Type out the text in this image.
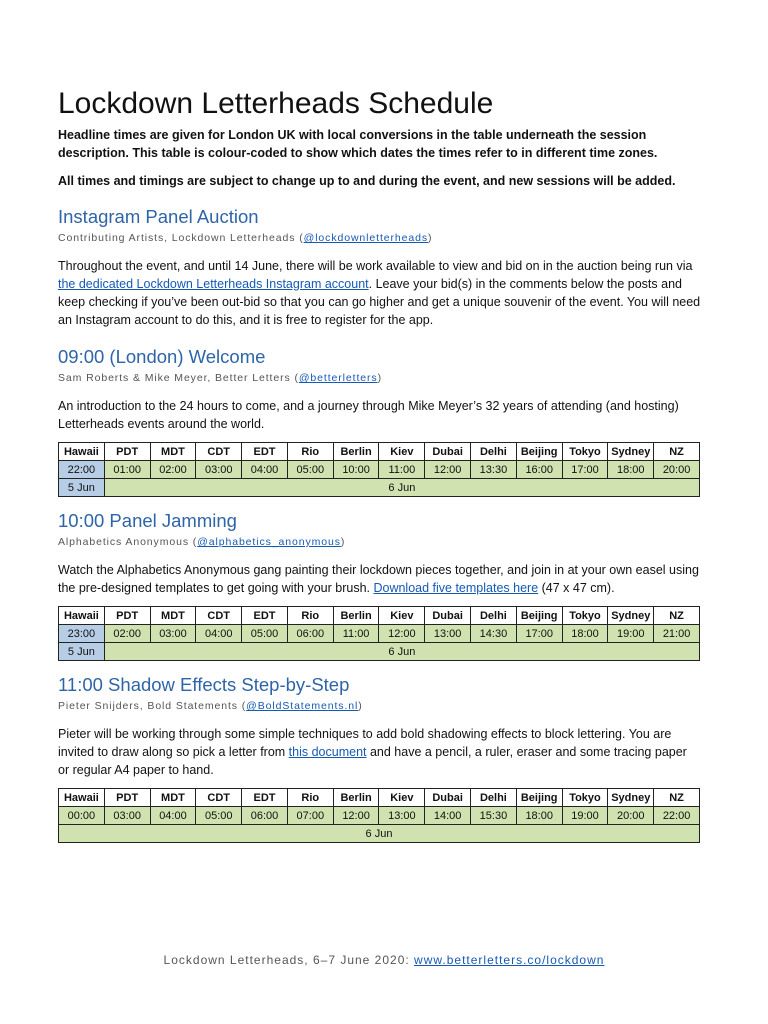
Lockdown Letterheads Schedule

Headline times are given for London UK with local conversions in the table underneath the session description. This table is colour-coded to show which dates the times refer to in different time zones.

All times and timings are subject to change up to and during the event, and new sessions will be added.

Instagram Panel Auction

Contributing Artists, Lockdown Letterheads (@lockdownletterheads)

Throughout the event, and until 14 June, there will be work available to view and bid on in the auction being run via the dedicated Lockdown Letterheads Instagram account. Leave your bid(s) in the comments below the posts and keep checking if you’ve been out-bid so that you can go higher and get a unique souvenir of the event. You will need an Instagram account to do this, and it is free to register for the app.

09:00 (London) Welcome

Sam Roberts & Mike Meyer, Better Letters (@betterletters)

An introduction to the 24 hours to come, and a journey through Mike Meyer’s 32 years of attending (and hosting) Letterheads events around the world.

Hawaii	PDT	MDT	CDT	EDT	Rio	Berlin	Kiev	Dubai	Delhi	Beijing	Tokyo	Sydney	NZ
22:00	01:00	02:00	03:00	04:00	05:00	10:00	11:00	12:00	13:30	16:00	17:00	18:00	20:00
5 Jun	6 Jun												
10:00 Panel Jamming

Alphabetics Anonymous (@alphabetics_anonymous)

Watch the Alphabetics Anonymous gang painting their lockdown pieces together, and join in at your own easel using the pre-designed templates to get going with your brush. Download five templates here (47 x 47 cm).

Hawaii	PDT	MDT	CDT	EDT	Rio	Berlin	Kiev	Dubai	Delhi	Beijing	Tokyo	Sydney	NZ
23:00	02:00	03:00	04:00	05:00	06:00	11:00	12:00	13:00	14:30	17:00	18:00	19:00	21:00
5 Jun	6 Jun												
11:00 Shadow Effects Step-by-Step

Pieter Snijders, Bold Statements (@BoldStatements.nl)

Pieter will be working through some simple techniques to add bold shadowing effects to block lettering. You are invited to draw along so pick a letter from this document and have a pencil, a ruler, eraser and some tracing paper or regular A4 paper to hand.

Hawaii	PDT	MDT	CDT	EDT	Rio	Berlin	Kiev	Dubai	Delhi	Beijing	Tokyo	Sydney	NZ
00:00	03:00	04:00	05:00	06:00	07:00	12:00	13:00	14:00	15:30	18:00	19:00	20:00	22:00
6 Jun													
Lockdown Letterheads, 6–7 June 2020: www.betterletters.co/lockdown
